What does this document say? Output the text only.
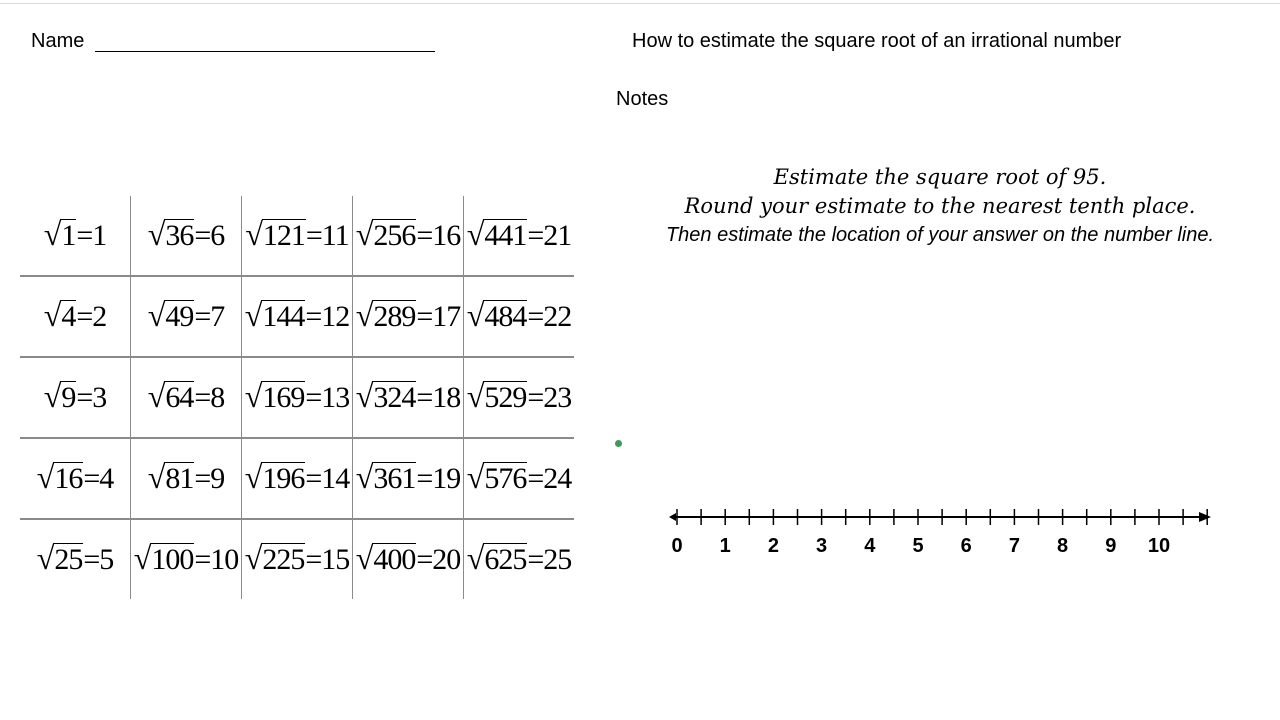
Name	How to estimate the square root of an irrational number
Notes
Estimate the square root of 95.
Round your estimate to the nearest tenth place.
Then estimate the location of your answer on the number line.
√ 1 = 1	√ 36 = 6	√ 121 = 11	√ 256 = 16	√ 441 = 21

√ 4 = 2	√ 49 = 7	√ 144 = 12	√ 289 = 17	√ 484 = 22

√ 9 = 3	√ 64 = 8	√ 169 = 13	√ 324 = 18	√ 529 = 23

√ 16 = 4	√ 81 = 9	√ 196 = 14	√ 361 = 19	√ 576 = 24

√ 25 = 5	√ 100 = 10	√ 225 = 15	√ 400 = 20	√ 625 = 25	0 1 2 3 4 5 6 7 8 9 10
